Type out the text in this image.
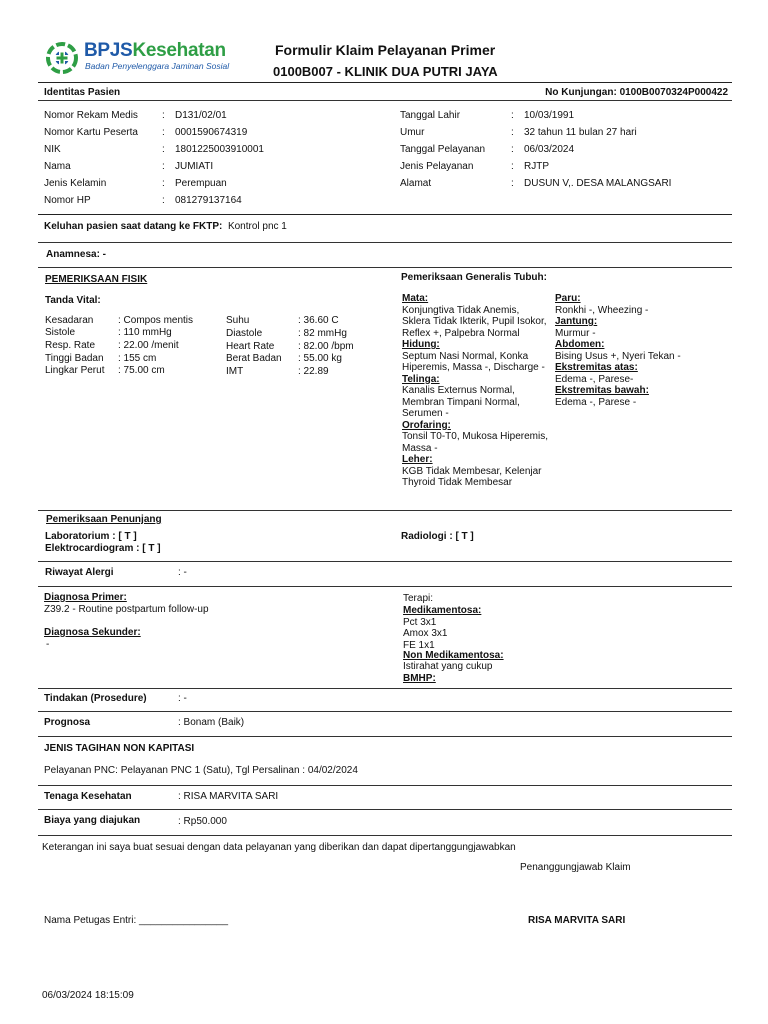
BPJSKesehatan
Badan Penyelenggara Jaminan Sosial
Formulir Klaim Pelayanan Primer
0100B007 - KLINIK DUA PUTRI JAYA
Identitas Pasien	No Kunjungan: 0100B0070324P000422
Nomor Rekam Medis : D131/02/01
Nomor Kartu Peserta : 0001590674319
NIK	: 1801225003910001
Nama	: JUMIATI
Jenis Kelamin	: Perempuan
Nomor HP	: 081279137164
Tanggal Lahir	: 10/03/1991
Umur	: 32 tahun 11 bulan 27 hari
Tanggal Pelayanan	: 06/03/2024
Jenis Pelayanan	: RJTP
Alamat	: DUSUN V,. DESA MALANGSARI
Keluhan pasien saat datang ke FKTP: Kontrol pnc 1
Anamnesa: -
PEMERIKSAAN FISIK
Tanda Vital:
Kesadaran : Compos mentis
Sistole	: 110 mmHg
Resp. Rate : 22.00 /menit
Tinggi Badan : 155 cm
Lingkar Perut : 75.00 cm
Suhu	: 36.60 C
Diastole	: 82 mmHg
Heart Rate : 82.00 /bpm
Berat Badan : 55.00 kg
IMT	: 22.89
Pemeriksaan Generalis Tubuh:
Mata:
Konjungtiva Tidak Anemis, Sklera Tidak Ikterik, Pupil Isokor, Reflex +, Palpebra Normal
Hidung:
Septum Nasi Normal, Konka Hiperemis, Massa -, Discharge -
Telinga:
Kanalis Externus Normal, Membran Timpani Normal, Serumen -
Orofaring:
Tonsil T0-T0, Mukosa Hiperemis, Massa -
Leher:
KGB Tidak Membesar, Kelenjar Thyroid Tidak Membesar
Paru:
Ronkhi -, Wheezing -
Jantung:
Murmur -
Abdomen:
Bising Usus +, Nyeri Tekan -
Ekstremitas atas:
Edema -, Parese-
Ekstremitas bawah:
Edema -, Parese -
Pemeriksaan Penunjang
Laboratorium : [ T ]
Elektrocardiogram : [ T ]
Radiologi : [ T ]
Riwayat Alergi	: -
Diagnosa Primer:
Z39.2 - Routine postpartum follow-up
Diagnosa Sekunder:
-
Terapi:
Medikamentosa:
Pct 3x1
Amox 3x1
FE 1x1
Non Medikamentosa:
Istirahat yang cukup
BMHP:
Tindakan (Prosedure)	: -
Prognosa	: Bonam (Baik)
JENIS TAGIHAN NON KAPITASI
Pelayanan PNC: Pelayanan PNC 1 (Satu), Tgl Persalinan : 04/02/2024
Tenaga Kesehatan	: RISA MARVITA SARI
Biaya yang diajukan	: Rp50.000
Keterangan ini saya buat sesuai dengan data pelayanan yang diberikan dan dapat dipertanggungjawabkan
Penanggungjawab Klaim
Nama Petugas Entri: ________________	RISA MARVITA SARI
06/03/2024 18:15:09
